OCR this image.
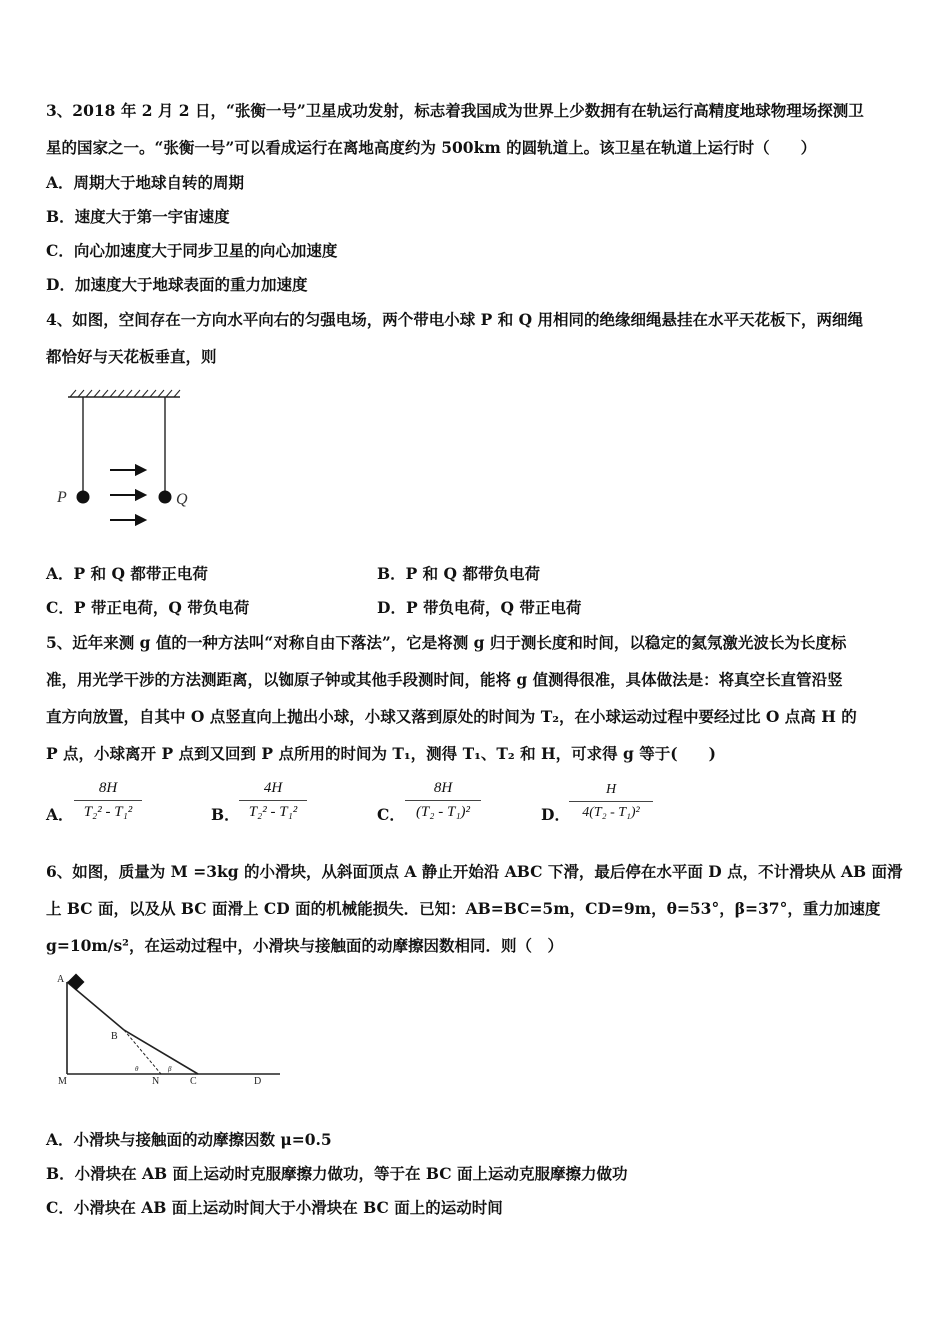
3、2018 年 2 月 2 日，“张衡一号”卫星成功发射，标志着我国成为世界上少数拥有在轨运行高精度地球物理场探测卫
星的国家之一。“张衡一号”可以看成运行在离地高度约为 500km 的圆轨道上。该卫星在轨道上运行时（　　）
A．周期大于地球自转的周期
B．速度大于第一宇宙速度
C．向心加速度大于同步卫星的向心加速度
D．加速度大于地球表面的重力加速度
4、如图，空间存在一方向水平向右的匀强电场，两个带电小球 P 和 Q 用相同的绝缘细绳悬挂在水平天花板下，两细绳
都恰好与天花板垂直，则
P	Q
A．P 和 Q 都带正电荷	B．P 和 Q 都带负电荷
C．P 带正电荷，Q 带负电荷	D．P 带负电荷，Q 带正电荷
5、近年来测 g 值的一种方法叫“对称自由下落法”，它是将测 g 归于测长度和时间，以稳定的氦氖激光波长为长度标
准，用光学干涉的方法测距离，以铷原子钟或其他手段测时间，能将 g 值测得很准，具体做法是：将真空长直管沿竖
直方向放置，自其中 O 点竖直向上抛出小球，小球又落到原处的时间为 T₂，在小球运动过程中要经过比 O 点高 H 的
P 点，小球离开 P 点到又回到 P 点所用的时间为 T₁，测得 T₁、T₂ 和 H，可求得 g 等于(　　)
A． $\frac{8H}{\text{T₂² - T₁²}}$	B． $\frac{4H}{\text{T₂² - T₁²}}$	C． $\frac{8H}{\text{(T₂ - T₁)²}}$	D． $\frac{H}{\text{4(T₂ - T₁)²}}$
6、如图，质量为 M =3kg 的小滑块，从斜面顶点 A 静止开始沿 ABC 下滑，最后停在水平面 D 点，不计滑块从 AB 面滑
上 BC 面，以及从 BC 面滑上 CD 面的机械能损失．已知：AB=BC=5m，CD=9m，θ=53°，β=37°，重力加速度
g=10m/s²，在运动过程中，小滑块与接触面的动摩擦因数相同．则（　）
A
B
M	N	C	D
θ	β
A．小滑块与接触面的动摩擦因数 μ=0.5
B．小滑块在 AB 面上运动时克服摩擦力做功，等于在 BC 面上运动克服摩擦力做功
C．小滑块在 AB 面上运动时间大于小滑块在 BC 面上的运动时间
